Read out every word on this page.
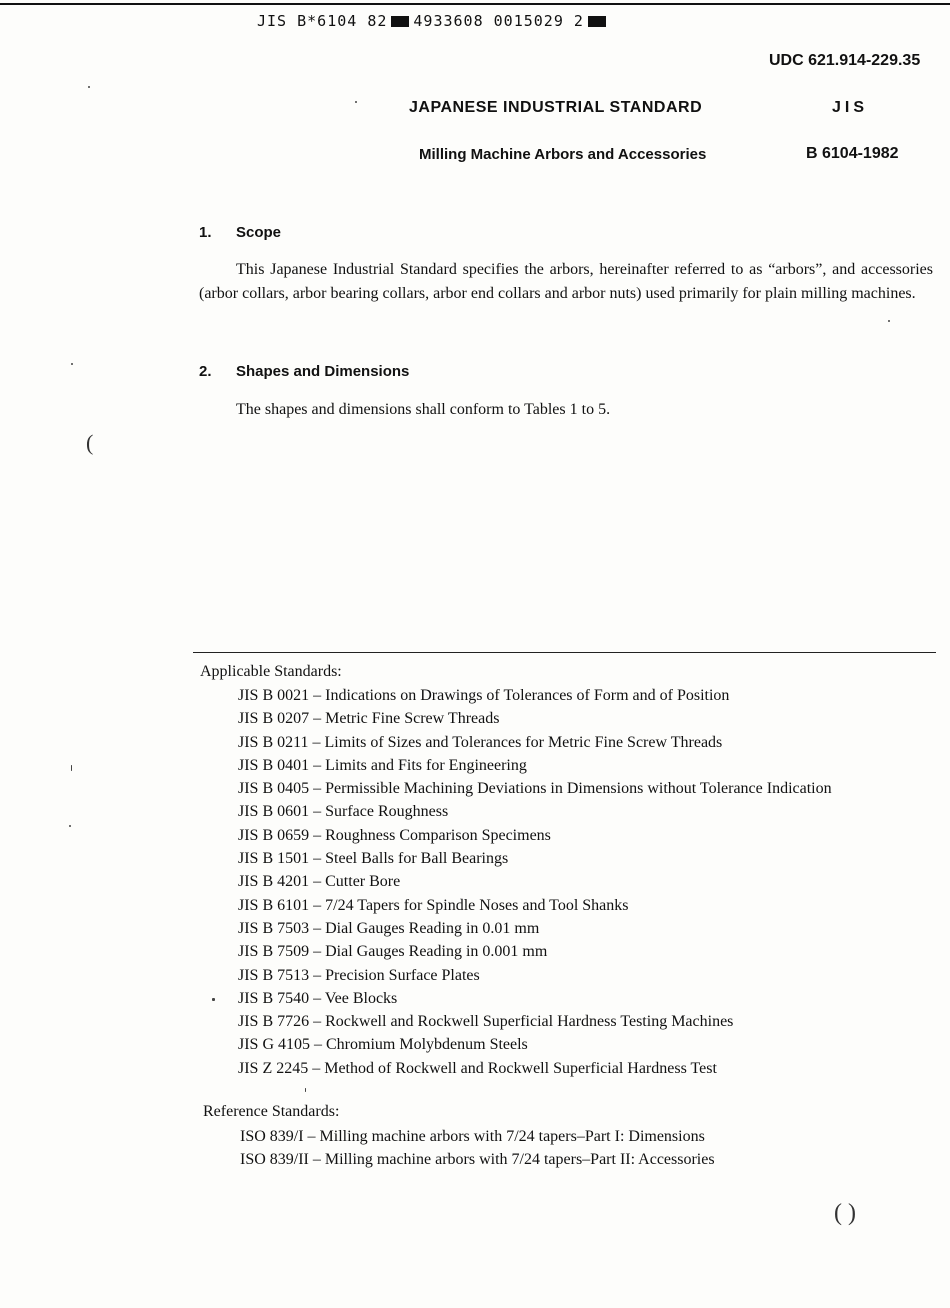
JIS B*6104 82 4933608 0015029 2
UDC 621.914-229.35
JAPANESE INDUSTRIAL STANDARD	JIS
Milling Machine Arbors and Accessories	B 6104-1982
1. Scope

This Japanese Industrial Standard specifies the arbors, hereinafter referred to as “arbors”, and accessories (arbor collars, arbor bearing collars, arbor end collars and arbor nuts) used primarily for plain milling machines.

2. Shapes and Dimensions

The shapes and dimensions shall conform to Tables 1 to 5.

Applicable Standards:

JIS B 0021 – Indications on Drawings of Tolerances of Form and of Position
JIS B 0207 – Metric Fine Screw Threads
JIS B 0211 – Limits of Sizes and Tolerances for Metric Fine Screw Threads
JIS B 0401 – Limits and Fits for Engineering
JIS B 0405 – Permissible Machining Deviations in Dimensions without Tolerance Indication
JIS B 0601 – Surface Roughness
JIS B 0659 – Roughness Comparison Specimens
JIS B 1501 – Steel Balls for Ball Bearings
JIS B 4201 – Cutter Bore
JIS B 6101 – 7/24 Tapers for Spindle Noses and Tool Shanks
JIS B 7503 – Dial Gauges Reading in 0.01 mm
JIS B 7509 – Dial Gauges Reading in 0.001 mm
JIS B 7513 – Precision Surface Plates
JIS B 7540 – Vee Blocks
JIS B 7726 – Rockwell and Rockwell Superficial Hardness Testing Machines
JIS G 4105 – Chromium Molybdenum Steels
JIS Z 2245 – Method of Rockwell and Rockwell Superficial Hardness Test

Reference Standards:

ISO 839/I – Milling machine arbors with 7/24 tapers–Part I: Dimensions
ISO 839/II – Milling machine arbors with 7/24 tapers–Part II: Accessories
(
( )
